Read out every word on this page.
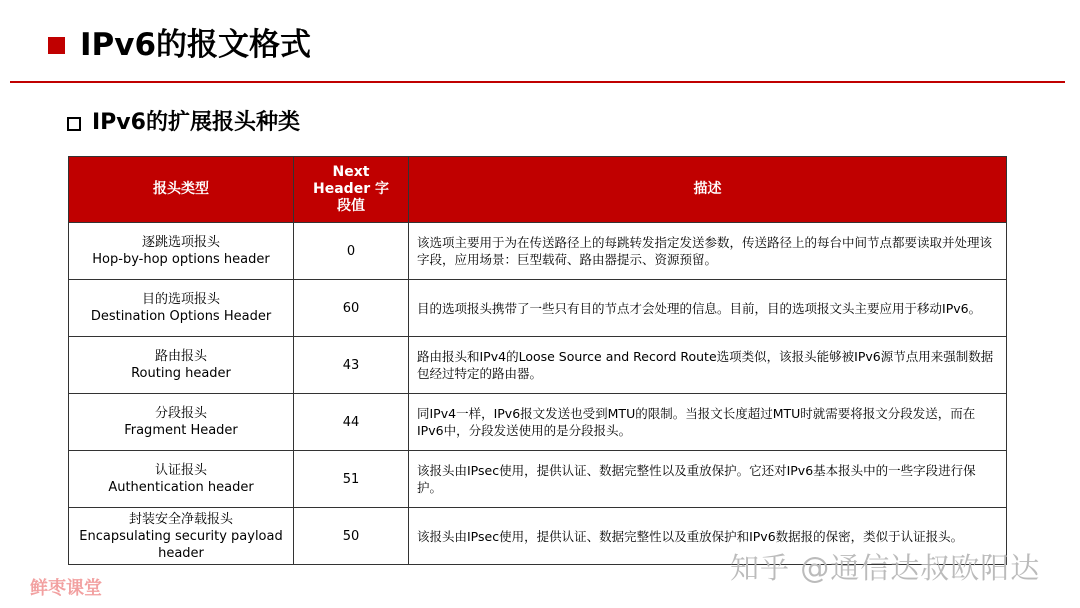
IPv6的报文格式
IPv6的扩展报头种类
报头类型	Next Header 字段值	描述

逐跳选项报头
Hop-by-hop options header	0	该选项主要用于为在传送路径上的每跳转发指定发送参数，传送路径上的每台中间节点都要读取并处理该字段，应用场景：巨型载荷、路由器提示、资源预留。

目的选项报头
Destination Options Header	60	目的选项报头携带了一些只有目的节点才会处理的信息。目前，目的选项报文头主要应用于移动IPv6。

路由报头
Routing header	43	路由报头和IPv4的Loose Source and Record Route选项类似，该报头能够被IPv6源节点用来强制数据包经过特定的路由器。

分段报头
Fragment Header	44	同IPv4一样，IPv6报文发送也受到MTU的限制。当报文长度超过MTU时就需要将报文分段发送，而在IPv6中，分段发送使用的是分段报头。

认证报头
Authentication header	51	该报头由IPsec使用，提供认证、数据完整性以及重放保护。它还对IPv6基本报头中的一些字段进行保护。

封装安全净载报头
Encapsulating security payload header	50	该报头由IPsec使用，提供认证、数据完整性以及重放保护和IPv6数据报的保密，类似于认证报头。
鲜枣课堂
知乎 @通信达叔欧阳达
